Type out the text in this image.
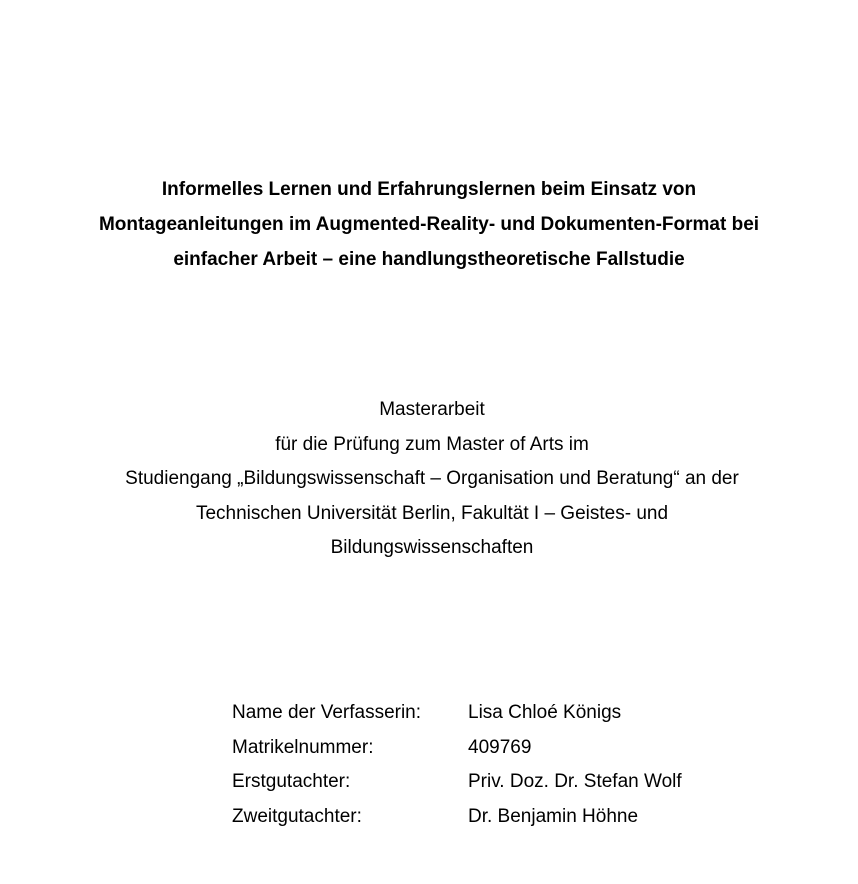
Informelles Lernen und Erfahrungslernen beim Einsatz von
Montageanleitungen im Augmented-Reality- und Dokumenten-Format bei
einfacher Arbeit – eine handlungstheoretische Fallstudie
Masterarbeit
für die Prüfung zum Master of Arts im
Studiengang „Bildungswissenschaft – Organisation und Beratung“ an der
Technischen Universität Berlin, Fakultät I – Geistes- und
Bildungswissenschaften
Name der Verfasserin:	Lisa Chloé Königs
Matrikelnummer:	409769
Erstgutachter:	Priv. Doz. Dr. Stefan Wolf
Zweitgutachter:	Dr. Benjamin Höhne
